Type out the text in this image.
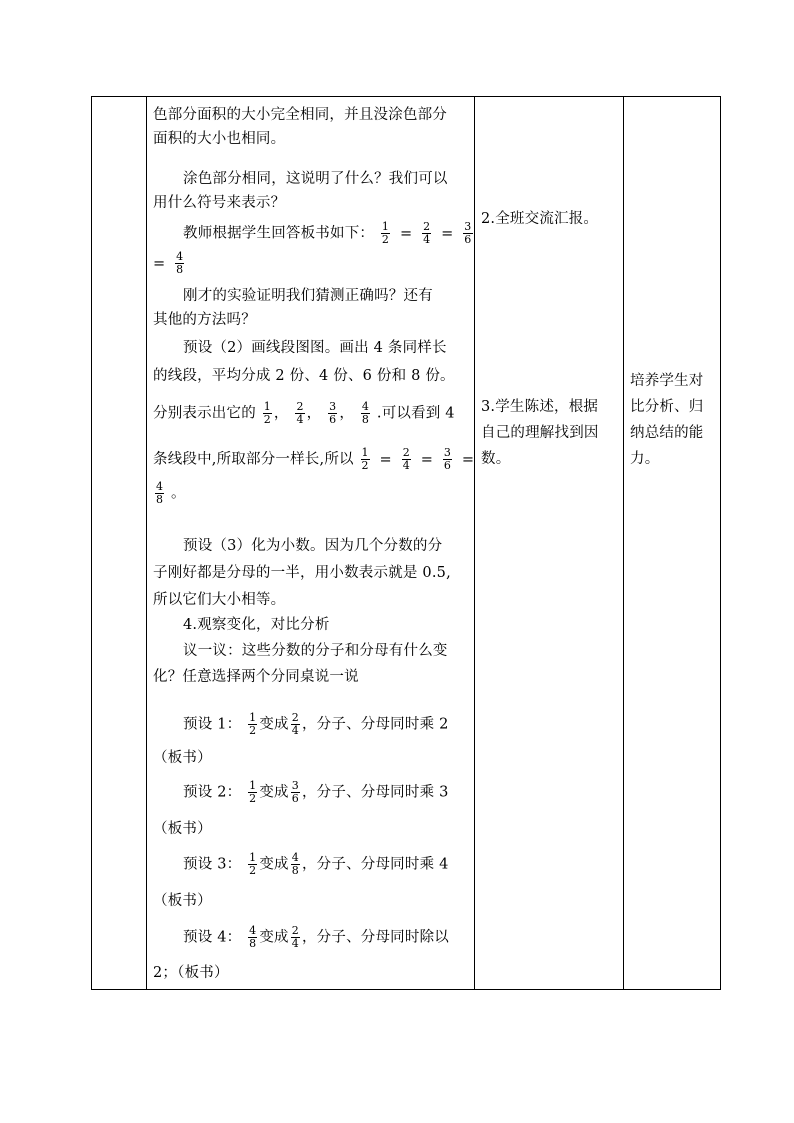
色部分面积的大小完全相同，并且没涂色部分
面积的大小也相同。
涂色部分相同，这说明了什么？我们可以
用什么符号来表示？
教师根据学生回答板书如下： $\frac{1}{2} = \frac{2}{4} = \frac{3}{6}$
= $\frac{4}{8}$
刚才的实验证明我们猜测正确吗？还有
其他的方法吗？
预设（2）画线段图图。画出 4 条同样长
的线段，平均分成 2 份、4 份、6 份和 8 份。
分别表示出它的 $\frac{1}{2}$ ， $\frac{2}{4}$ ， $\frac{3}{6}$ ， $\frac{4}{8}$ .可以看到 4
条线段中,所取部分一样长,所以 $\frac{1}{2} = \frac{2}{4} = \frac{3}{6}$ =
$\frac{4}{8}$ 。
预设（3）化为小数。因为几个分数的分
子刚好都是分母的一半，用小数表示就是 0.5,
所以它们大小相等。
4.观察变化，对比分析
议一议：这些分数的分子和分母有什么变
化？任意选择两个分同桌说一说
预设 1： $\frac{1}{2}$ 变成 $\frac{2}{4}$ ，分子、分母同时乘 2
（板书）
预设 2： $\frac{1}{2}$ 变成 $\frac{3}{6}$ ，分子、分母同时乘 3
（板书）
预设 3： $\frac{1}{2}$ 变成 $\frac{4}{8}$ ，分子、分母同时乘 4
（板书）
预设 4： $\frac{4}{8}$ 变成 $\frac{2}{4}$ ，分子、分母同时除以
2；（板书）
2.全班交流汇报。
3.学生陈述，根据
自己的理解找到因
数。
培养学生对
比分析、归
纳总结的能
力。
